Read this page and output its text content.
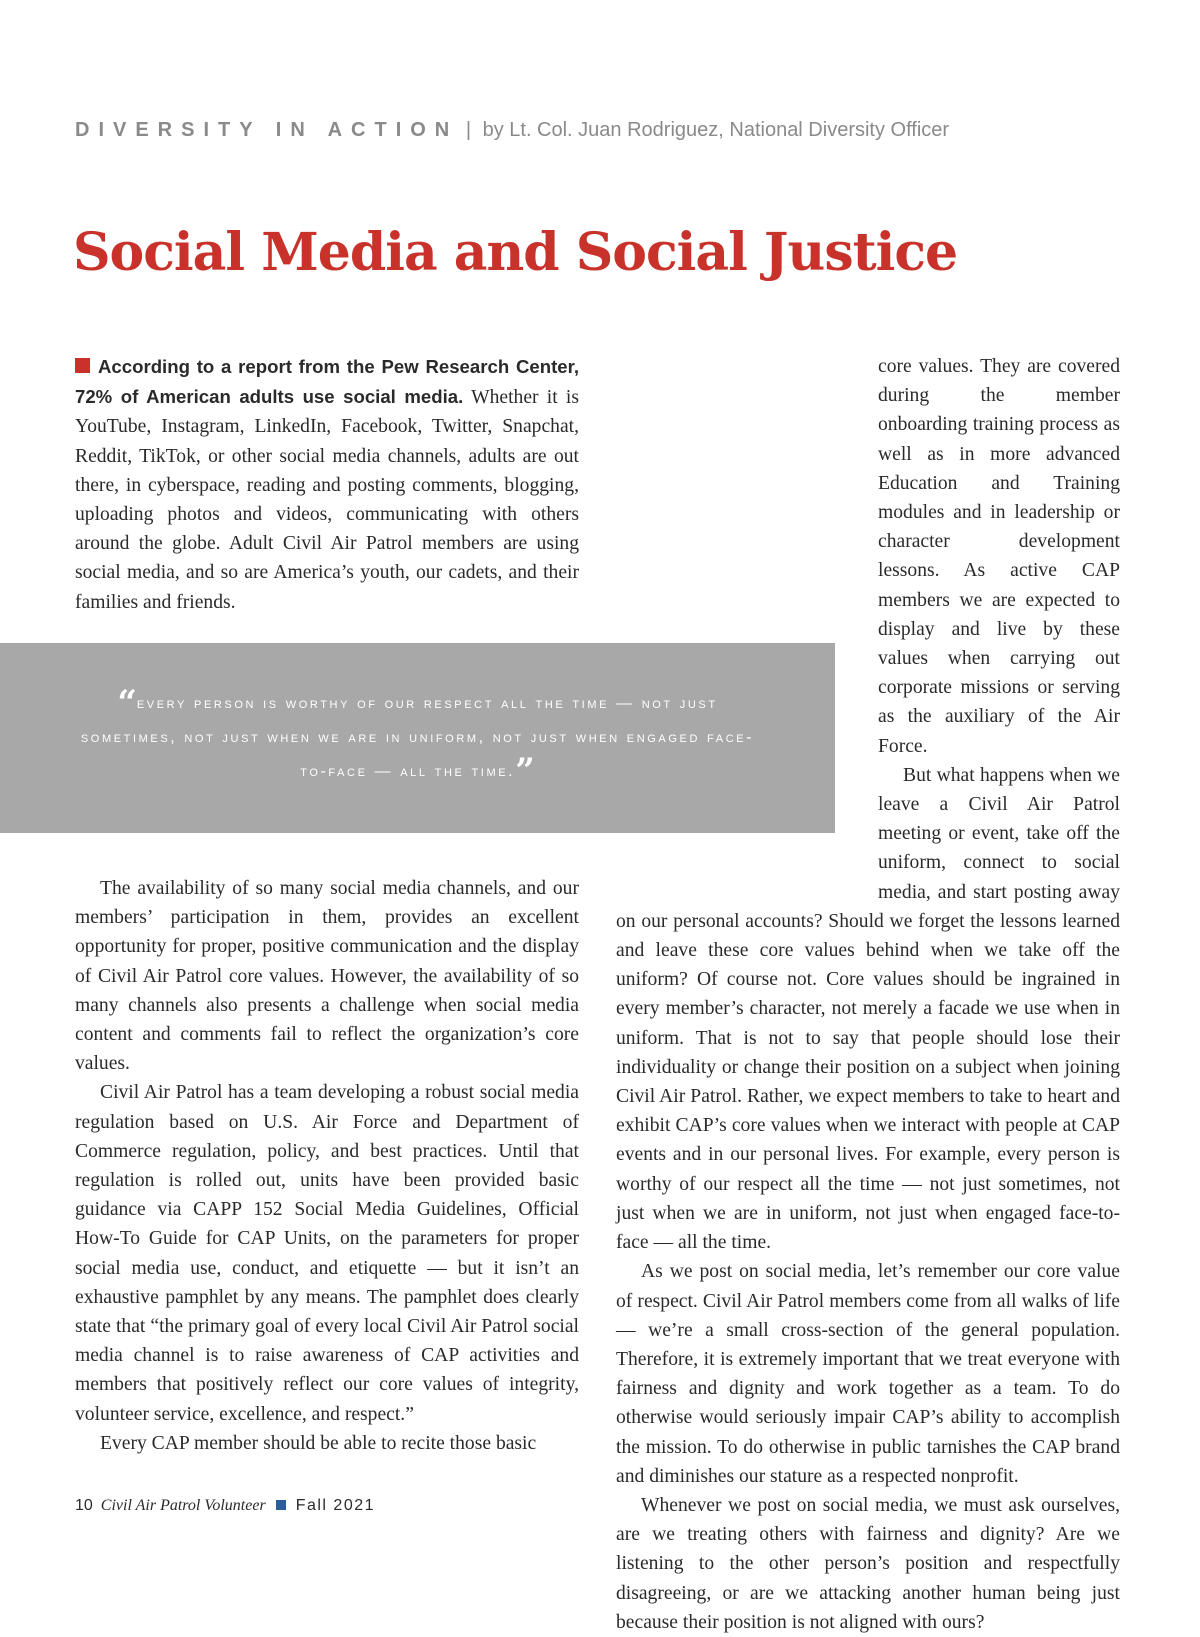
DIVERSITY IN ACTION | by Lt. Col. Juan Rodriguez, National Diversity Officer
Social Media and Social Justice

According to a report from the Pew Research Center, 72% of American adults use social media. Whether it is YouTube, Instagram, LinkedIn, Facebook, Twitter, Snapchat, Reddit, TikTok, or other social media channels, adults are out there, in cyberspace, reading and posting comments, blogging, uploading photos and videos, communicating with others around the globe. Adult Civil Air Patrol members are using social media, and so are America’s youth, our cadets, and their families and friends.

“every person is worthy of our respect all the time — not just sometimes, not just when we are in uniform, not just when engaged face-to-face — all the time.”

The availability of so many social media channels, and our members’ participation in them, provides an excellent opportunity for proper, positive communication and the display of Civil Air Patrol core values. However, the availability of so many channels also presents a challenge when social media content and comments fail to reflect the organization’s core values.

Civil Air Patrol has a team developing a robust social media regulation based on U.S. Air Force and Department of Commerce regulation, policy, and best practices. Until that regulation is rolled out, units have been provided basic guidance via CAPP 152 Social Media Guidelines, Official How-To Guide for CAP Units, on the parameters for proper social media use, conduct, and etiquette — but it isn’t an exhaustive pamphlet by any means. The pamphlet does clearly state that “the primary goal of every local Civil Air Patrol social media channel is to raise awareness of CAP activities and members that positively reflect our core values of integrity, volunteer service, excellence, and respect.”

Every CAP member should be able to recite those basic

core values. They are covered during the member onboarding training process as well as in more advanced Education and Training modules and in leadership or character development lessons. As active CAP members we are expected to display and live by these values when carrying out corporate missions or serving as the auxiliary of the Air Force.

But what happens when we leave a Civil Air Patrol meeting or event, take off the uniform, connect to social media, and start posting away on our personal accounts? Should we forget the lessons learned and leave these core values behind when we take off the uniform? Of course not. Core values should be ingrained in every member’s character, not merely a facade we use when in uniform. That is not to say that people should lose their individuality or change their position on a subject when joining Civil Air Patrol. Rather, we expect members to take to heart and exhibit CAP’s core values when we interact with people at CAP events and in our personal lives. For example, every person is worthy of our respect all the time — not just sometimes, not just when we are in uniform, not just when engaged face-to-face — all the time.

As we post on social media, let’s remember our core value of respect. Civil Air Patrol members come from all walks of life — we’re a small cross-section of the general population. Therefore, it is extremely important that we treat everyone with fairness and dignity and work together as a team. To do otherwise would seriously impair CAP’s ability to accomplish the mission. To do otherwise in public tarnishes the CAP brand and diminishes our stature as a respected nonprofit.

Whenever we post on social media, we must ask ourselves, are we treating others with fairness and dignity? Are we listening to the other person’s position and respectfully disagreeing, or are we attacking another human being just because their position is not aligned with ours?

10 Civil Air Patrol Volunteer Fall 2021
